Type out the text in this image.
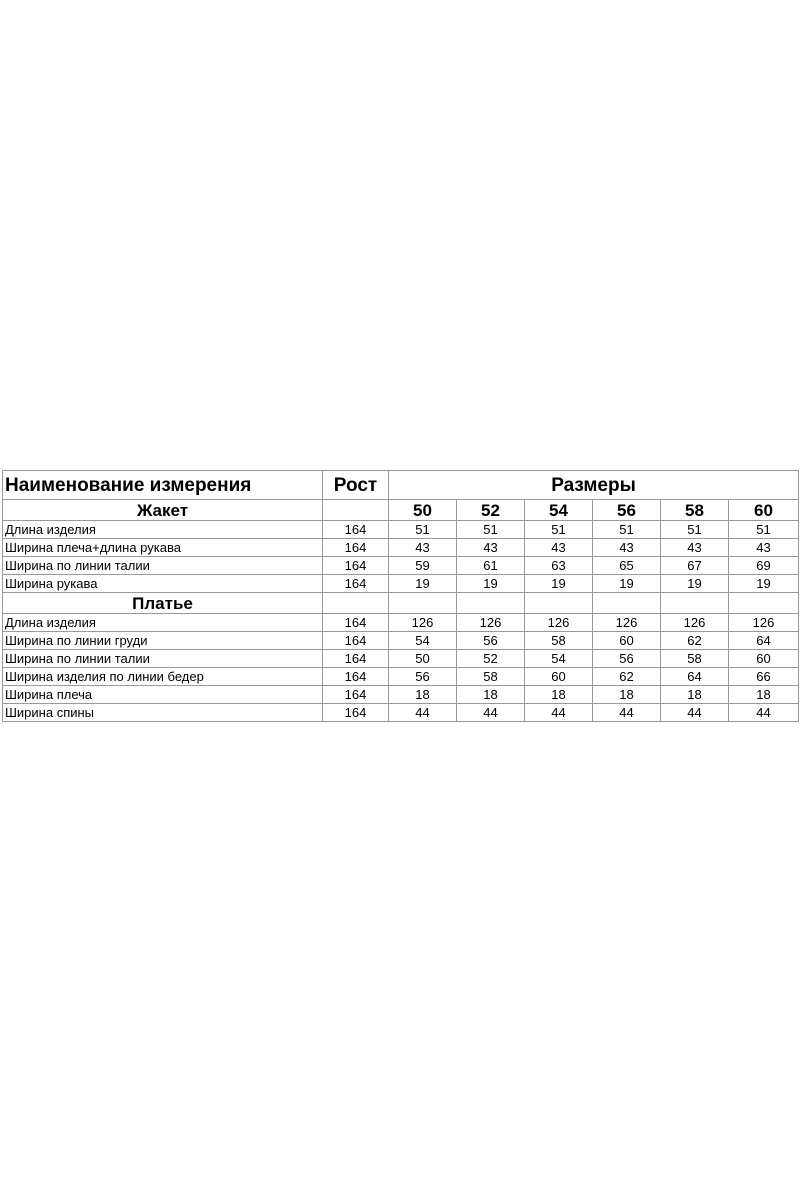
Наименование измерения	Рост	Размеры					
Жакет		50	52	54	56	58	60
Длина изделия	164	51	51	51	51	51	51
Ширина плеча+длина рукава	164	43	43	43	43	43	43
Ширина по линии талии	164	59	61	63	65	67	69
Ширина рукава	164	19	19	19	19	19	19
Платье							
Длина изделия	164	126	126	126	126	126	126
Ширина по линии груди	164	54	56	58	60	62	64
Ширина по линии талии	164	50	52	54	56	58	60
Ширина изделия по линии бедер	164	56	58	60	62	64	66
Ширина плеча	164	18	18	18	18	18	18
Ширина спины	164	44	44	44	44	44	44
